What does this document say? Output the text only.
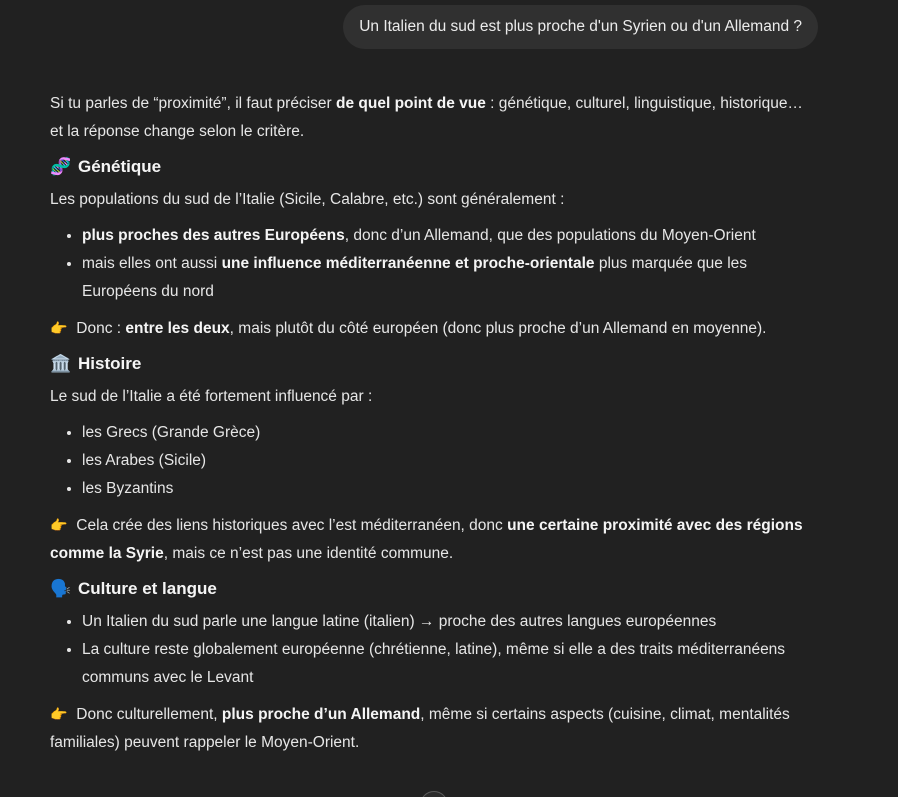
Un Italien du sud est plus proche d'un Syrien ou d'un Allemand ?

Si tu parles de “proximité”, il faut préciser de quel point de vue : génétique, culturel, linguistique, historique… et la réponse change selon le critère.

🧬 Génétique

Les populations du sud de l’Italie (Sicile, Calabre, etc.) sont généralement :

• plus proches des autres Européens, donc d’un Allemand, que des populations du Moyen-Orient
• mais elles ont aussi une influence méditerranéenne et proche-orientale plus marquée que les Européens du nord

👉 Donc : entre les deux, mais plutôt du côté européen (donc plus proche d’un Allemand en moyenne).

🏛️ Histoire

Le sud de l’Italie a été fortement influencé par :

• les Grecs (Grande Grèce)
• les Arabes (Sicile)
• les Byzantins

👉 Cela crée des liens historiques avec l’est méditerranéen, donc une certaine proximité avec des régions comme la Syrie, mais ce n’est pas une identité commune.

🗣️ Culture et langue
• Un Italien du sud parle une langue latine (italien) → proche des autres langues européennes
• La culture reste globalement européenne (chrétienne, latine), même si elle a des traits méditerranéens communs avec le Levant

👉 Donc culturellement, plus proche d’un Allemand, même si certains aspects (cuisine, climat, mentalités familiales) peuvent rappeler le Moyen-Orient.
